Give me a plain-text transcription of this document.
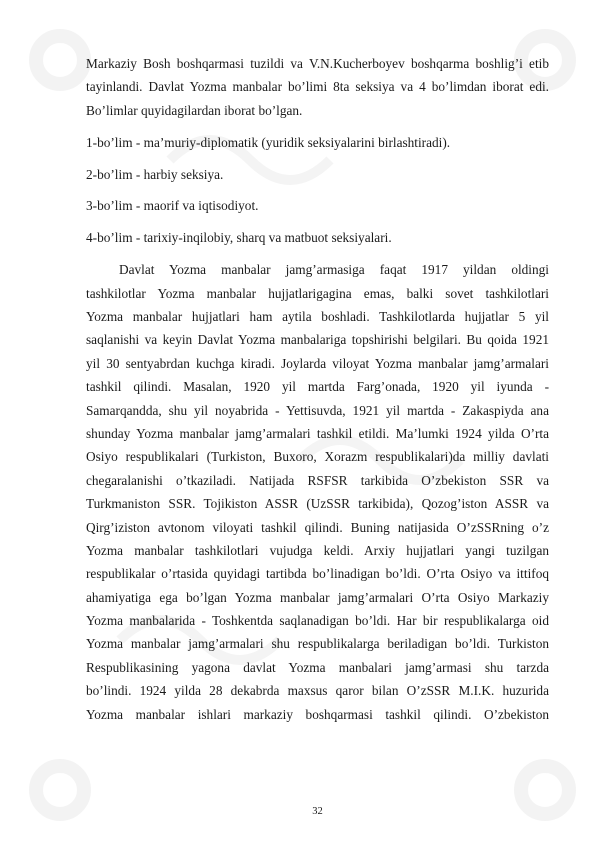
Markaziy Bosh boshqarmasi tuzildi va V.N.Kucherboyev boshqarma boshlig’i etib
tayinlandi. Davlat Yozma manbalar bo’limi 8ta seksiya va 4 bo’limdan iborat edi.
Bo’limlar quyidagilardan iborat bo’lgan.
1-bo’lim - ma’muriy-diplomatik (yuridik seksiyalarini birlashtiradi).
2-bo’lim - harbiy seksiya.
3-bo’lim - maorif va iqtisodiyot.
4-bo’lim - tarixiy-inqilobiy, sharq va matbuot seksiyalari.
Davlat Yozma manbalar jamg’armasiga faqat 1917 yildan oldingi
tashkilotlar Yozma manbalar hujjatlarigagina emas, balki sovet tashkilotlari
Yozma manbalar hujjatlari ham aytila boshladi. Tashkilotlarda hujjatlar 5 yil
saqlanishi va keyin Davlat Yozma manbalariga topshirishi belgilari. Bu qoida 1921
yil 30 sentyabrdan kuchga kiradi. Joylarda viloyat Yozma manbalar jamg’armalari
tashkil qilindi. Masalan, 1920 yil martda Farg’onada, 1920 yil iyunda -
Samarqandda, shu yil noyabrida - Yettisuvda, 1921 yil martda - Zakaspiyda ana
shunday Yozma manbalar jamg’armalari tashkil etildi. Ma’lumki 1924 yilda O’rta
Osiyo respublikalari (Turkiston, Buxoro, Xorazm respublikalari)da milliy davlati
chegaralanishi o’tkaziladi. Natijada RSFSR tarkibida O’zbekiston SSR va
Turkmaniston SSR. Tojikiston ASSR (UzSSR tarkibida), Qozog’iston ASSR va
Qirg’iziston avtonom viloyati tashkil qilindi. Buning natijasida O’zSSRning o’z
Yozma manbalar tashkilotlari vujudga keldi. Arxiy hujjatlari yangi tuzilgan
respublikalar o’rtasida quyidagi tartibda bo’linadigan bo’ldi. O’rta Osiyo va ittifoq
ahamiyatiga ega bo’lgan Yozma manbalar jamg’armalari O’rta Osiyo Markaziy
Yozma manbalarida - Toshkentda saqlanadigan bo’ldi. Har bir respublikalarga oid
Yozma manbalar jamg’armalari shu respublikalarga beriladigan bo’ldi. Turkiston
Respublikasining yagona davlat Yozma manbalari jamg’armasi shu tarzda
bo’lindi. 1924 yilda 28 dekabrda maxsus qaror bilan O’zSSR M.I.K. huzurida
Yozma manbalar ishlari markaziy boshqarmasi tashkil qilindi. O’zbekiston
32
